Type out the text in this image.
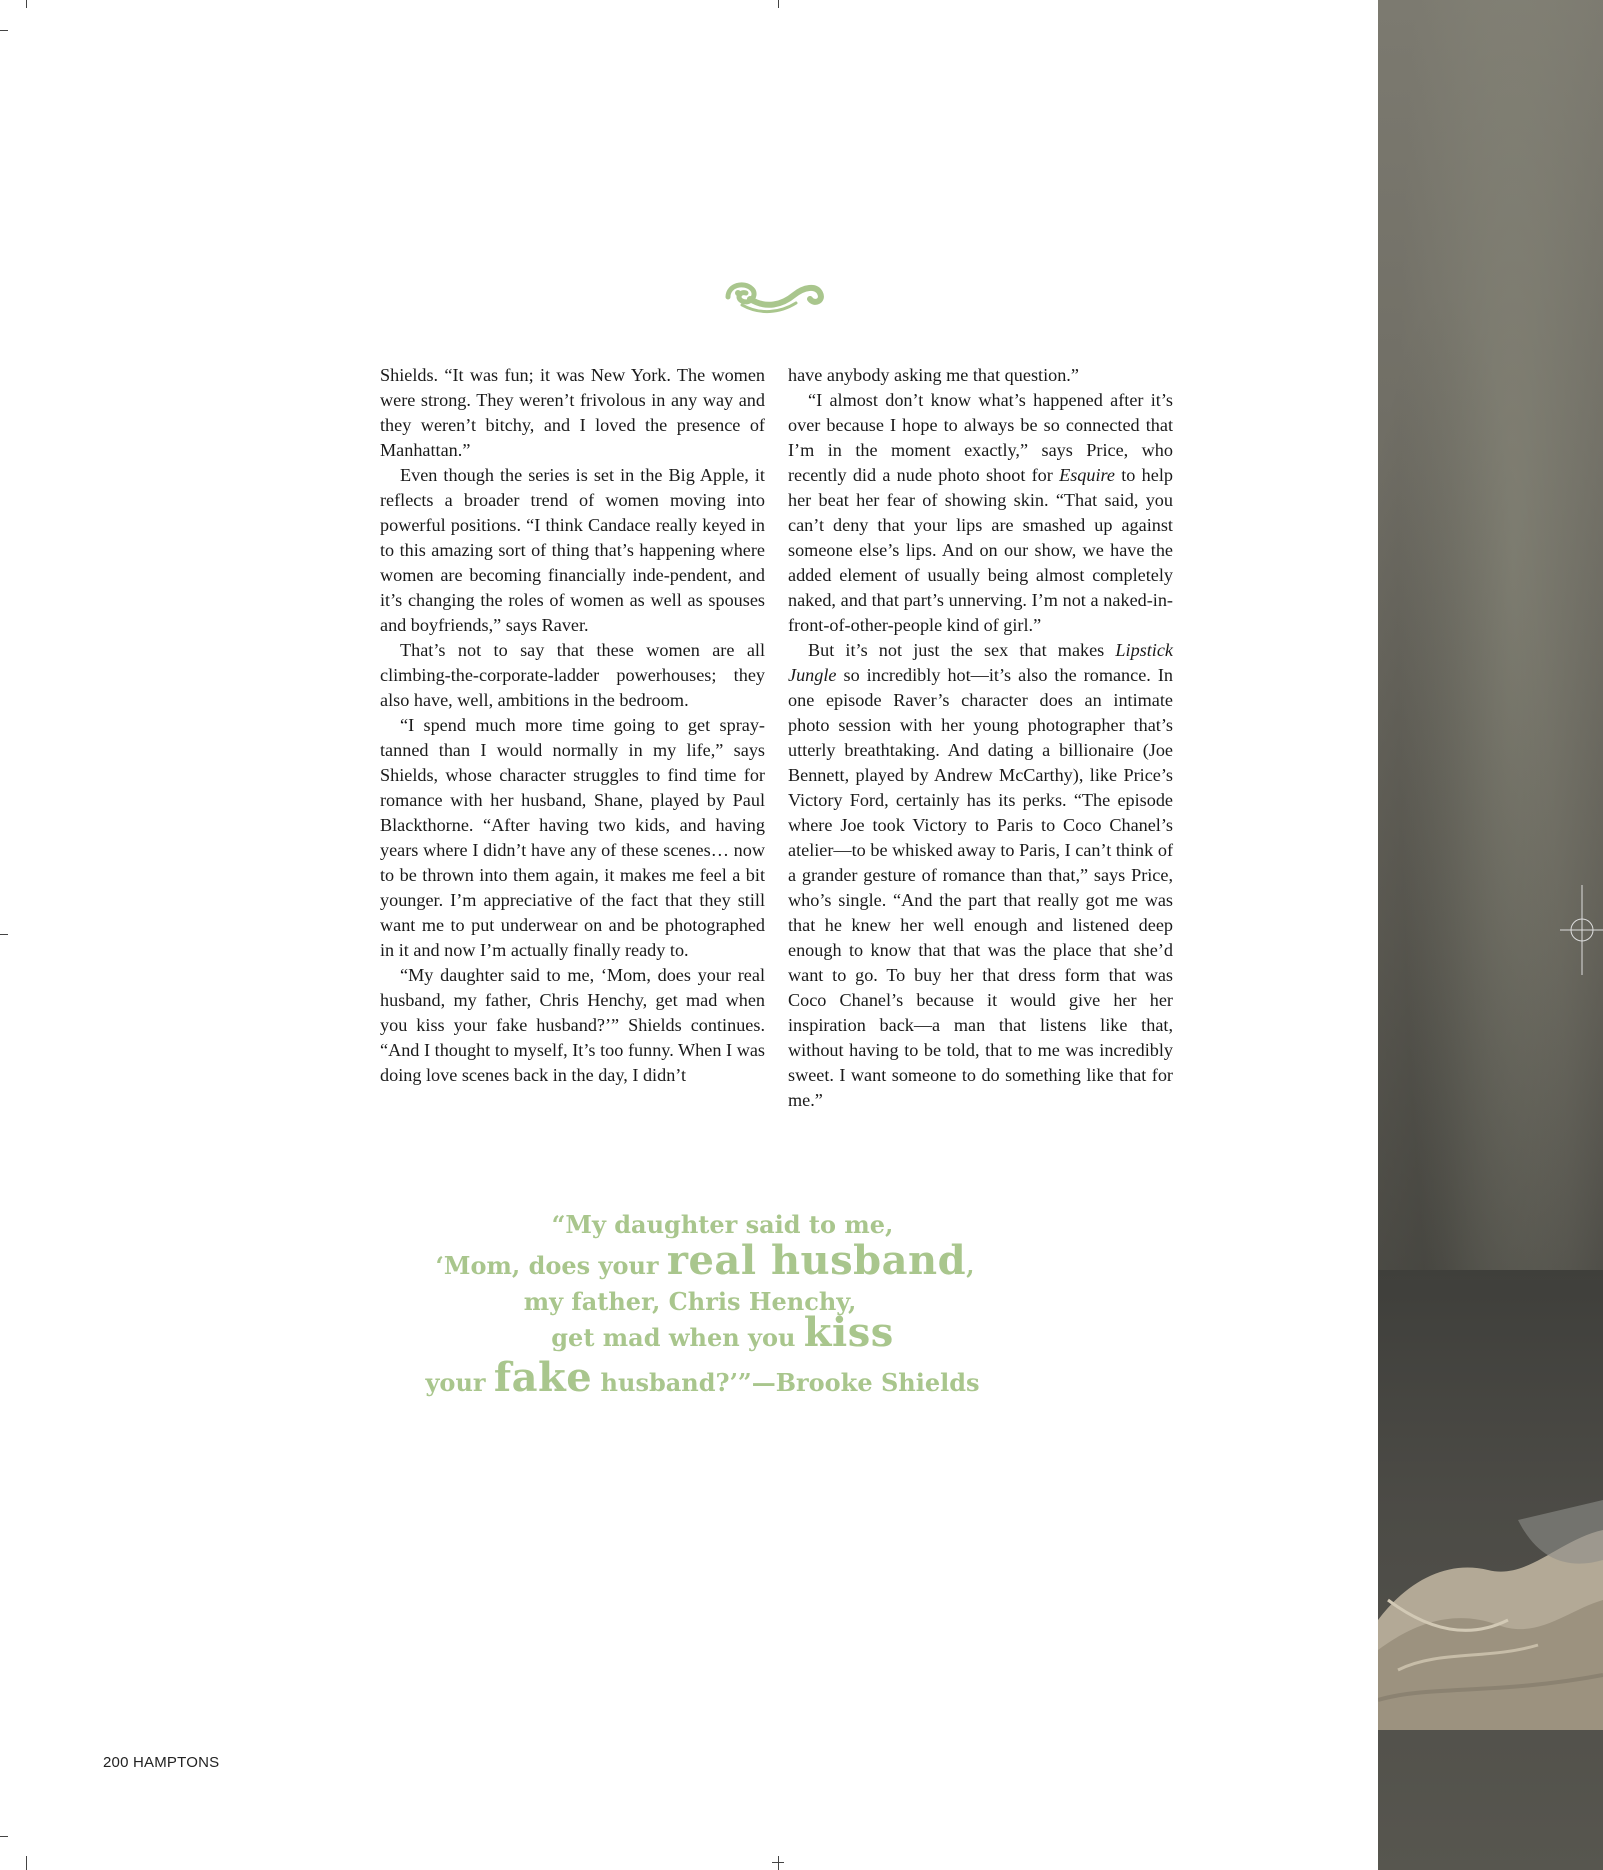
Shields. “It was fun; it was New York. The women were strong. They weren’t frivolous in any way and they weren’t bitchy, and I loved the presence of Manhattan.”

Even though the series is set in the Big Apple, it reflects a broader trend of women moving into powerful positions. “I think Candace really keyed in to this amazing sort of thing that’s happening where women are becoming financially inde-pendent, and it’s changing the roles of women as well as spouses and boyfriends,” says Raver.

That’s not to say that these women are all climbing-the-corporate-ladder powerhouses; they also have, well, ambitions in the bedroom.

“I spend much more time going to get spray-tanned than I would normally in my life,” says Shields, whose character struggles to find time for romance with her husband, Shane, played by Paul Blackthorne. “After having two kids, and having years where I didn’t have any of these scenes… now to be thrown into them again, it makes me feel a bit younger. I’m appreciative of the fact that they still want me to put underwear on and be photographed in it and now I’m actually finally ready to.

“My daughter said to me, ‘Mom, does your real husband, my father, Chris Henchy, get mad when you kiss your fake husband?’” Shields continues. “And I thought to myself, It’s too funny. When I was doing love scenes back in the day, I didn’t

have anybody asking me that question.”

“I almost don’t know what’s happened after it’s over because I hope to always be so connected that I’m in the moment exactly,” says Price, who recently did a nude photo shoot for Esquire to help her beat her fear of showing skin. “That said, you can’t deny that your lips are smashed up against someone else’s lips. And on our show, we have the added element of usually being almost completely naked, and that part’s unnerving. I’m not a naked-in-front-of-other-people kind of girl.”

But it’s not just the sex that makes Lipstick Jungle so incredibly hot—it’s also the romance. In one episode Raver’s character does an intimate photo session with her young photographer that’s utterly breathtaking. And dating a billionaire (Joe Bennett, played by Andrew McCarthy), like Price’s Victory Ford, certainly has its perks. “The episode where Joe took Victory to Paris to Coco Chanel’s atelier—to be whisked away to Paris, I can’t think of a grander gesture of romance than that,” says Price, who’s single. “And the part that really got me was that he knew her well enough and listened deep enough to know that that was the place that she’d want to go. To buy her that dress form that was Coco Chanel’s because it would give her her inspiration back—a man that listens like that, without having to be told, that to me was incredibly sweet. I want someone to do something like that for me.”

“My daughter said to me,
‘Mom, does your real husband,
my father, Chris Henchy,
get mad when you kiss
your fake husband?’”—Brooke Shields
200 HAMPTONS
